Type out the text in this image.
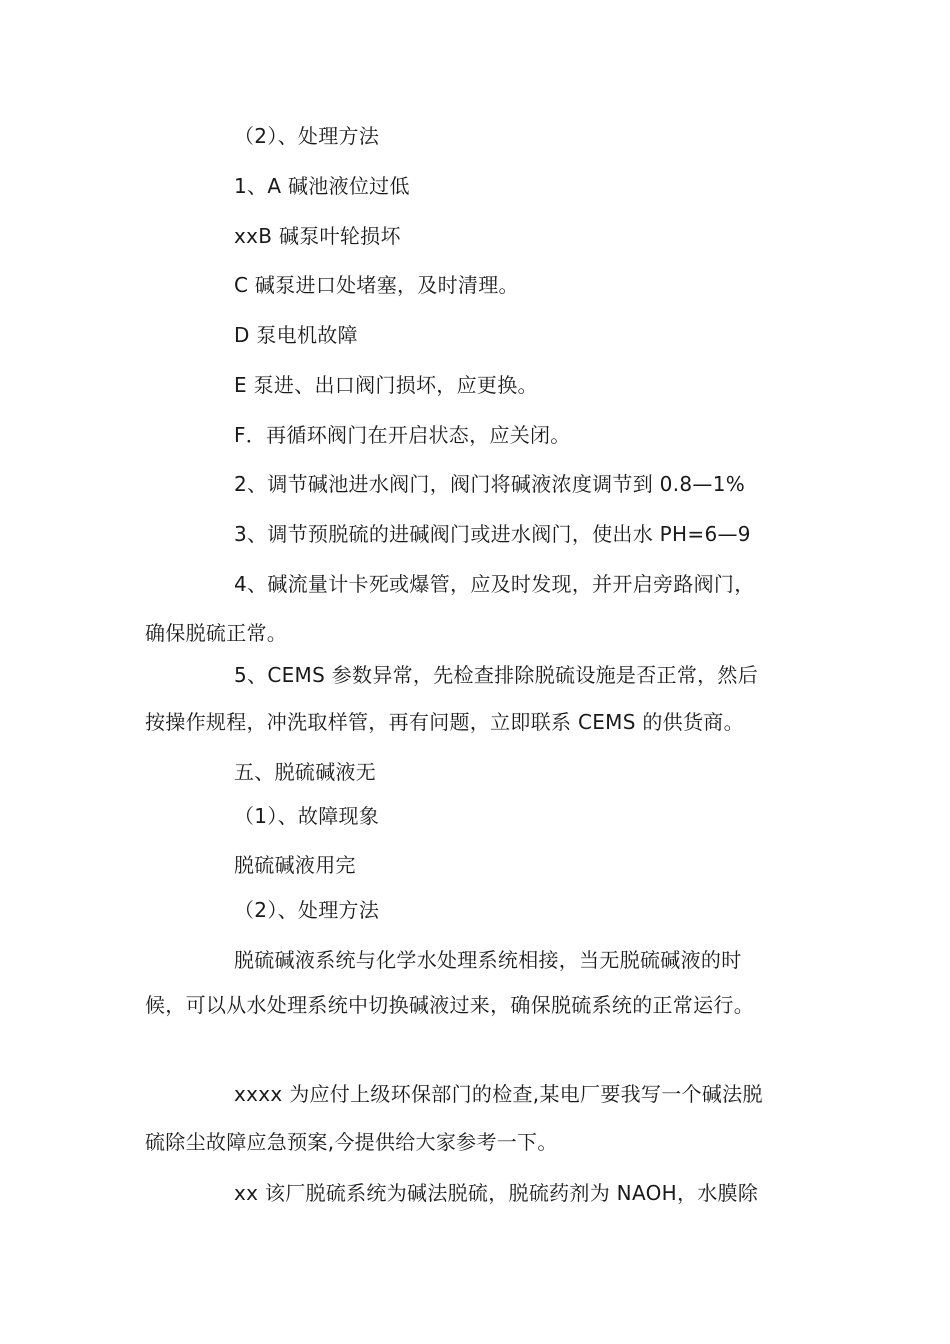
（2）、处理方法
1、A 碱池液位过低
xxB 碱泵叶轮损坏
C 碱泵进口处堵塞，及时清理。
D 泵电机故障
E 泵进、出口阀门损坏，应更换。
F．再循环阀门在开启状态，应关闭。
2、调节碱池进水阀门，阀门将碱液浓度调节到 0.8—1%
3、调节预脱硫的进碱阀门或进水阀门，使出水 PH=6—9
4、碱流量计卡死或爆管，应及时发现，并开启旁路阀门，
确保脱硫正常。
5、CEMS 参数异常，先检查排除脱硫设施是否正常，然后
按操作规程，冲洗取样管，再有问题，立即联系 CEMS 的供货商。
五、脱硫碱液无
（1）、故障现象
脱硫碱液用完
（2）、处理方法
脱硫碱液系统与化学水处理系统相接，当无脱硫碱液的时
候，可以从水处理系统中切换碱液过来，确保脱硫系统的正常运行。
xxxx 为应付上级环保部门的检查,某电厂要我写一个碱法脱
硫除尘故障应急预案,今提供给大家参考一下。
xx 该厂脱硫系统为碱法脱硫，脱硫药剂为 NAOH，水膜除
